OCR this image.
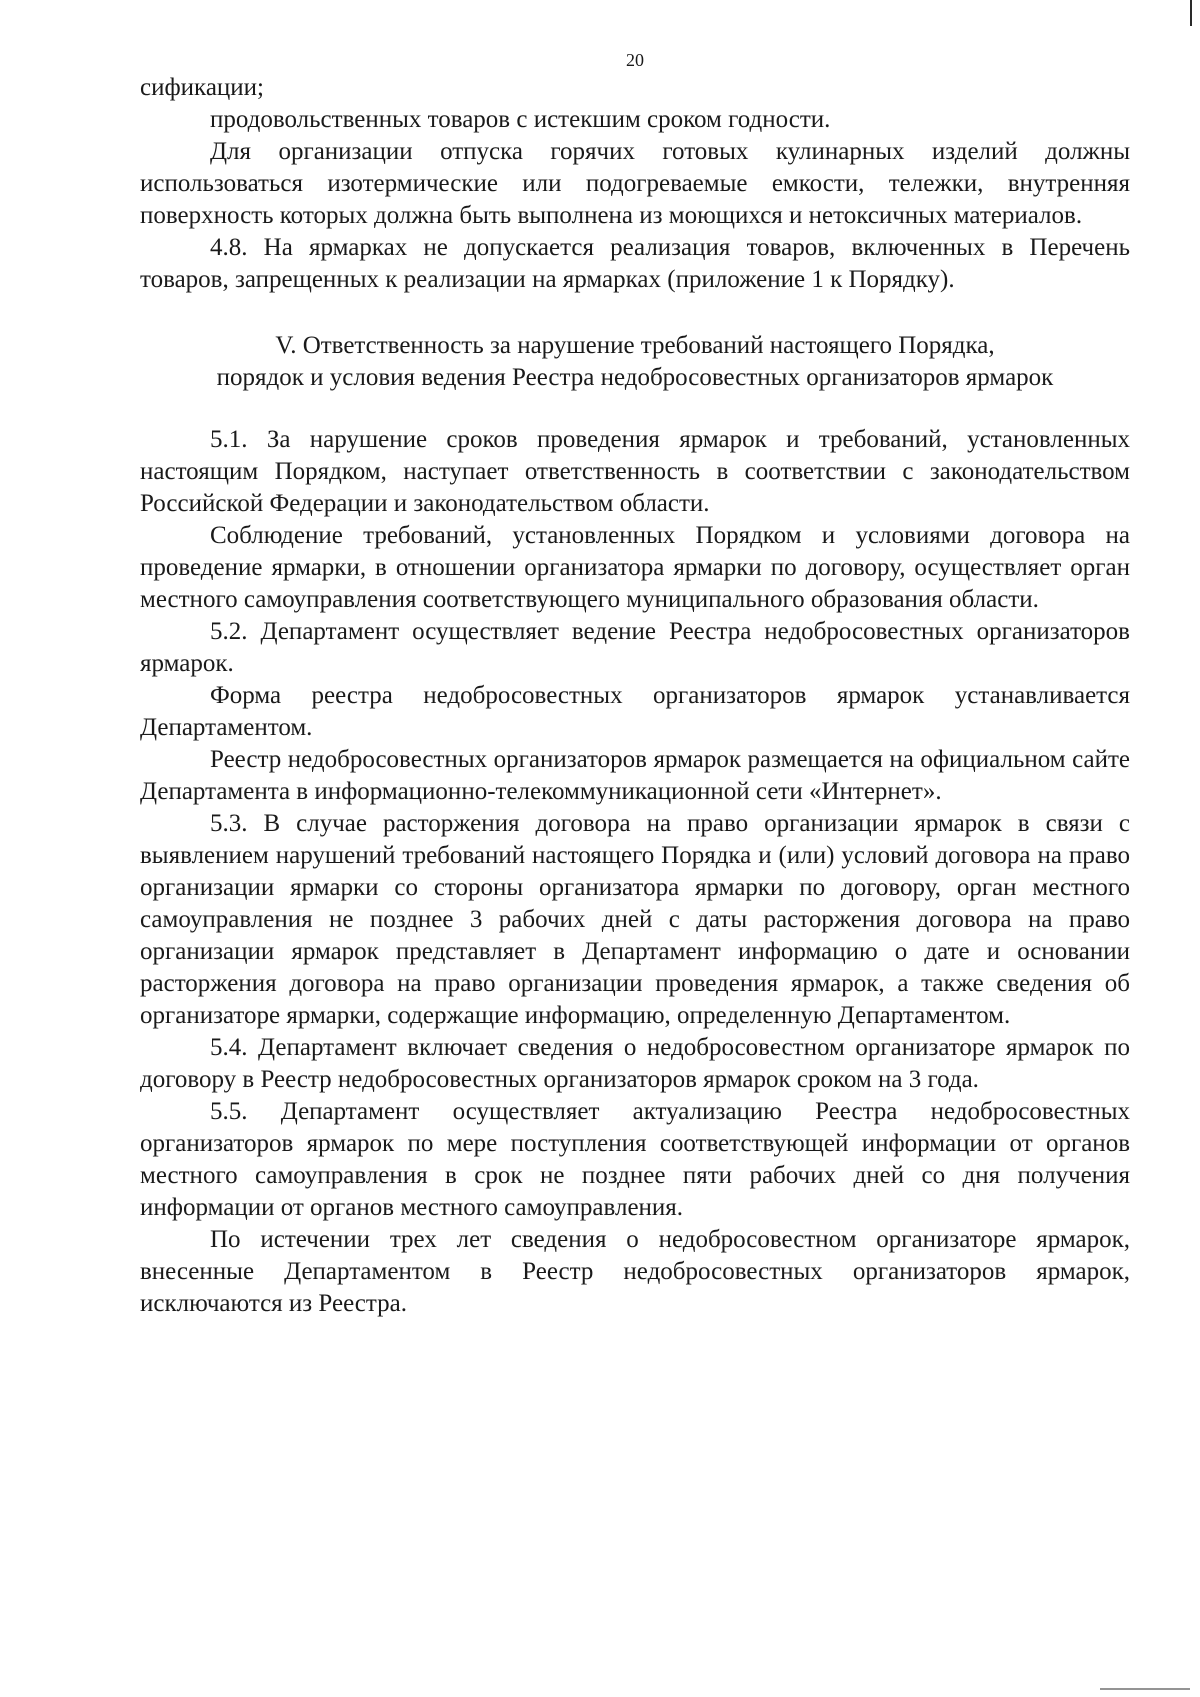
20

сификации;

продовольственных товаров с истекшим сроком годности.

Для организации отпуска горячих готовых кулинарных изделий должны использоваться изотермические или подогреваемые емкости, тележки, внутренняя поверхность которых должна быть выполнена из моющихся и нетоксичных материалов.

4.8. На ярмарках не допускается реализация товаров, включенных в Перечень товаров, запрещенных к реализации на ярмарках (приложение 1 к Порядку).

V. Ответственность за нарушение требований настоящего Порядка,
порядок и условия ведения Реестра недобросовестных организаторов ярмарок

5.1. За нарушение сроков проведения ярмарок и требований, установленных настоящим Порядком, наступает ответственность в соответствии с законодательством Российской Федерации и законодательством области.

Соблюдение требований, установленных Порядком и условиями договора на проведение ярмарки, в отношении организатора ярмарки по договору, осуществляет орган местного самоуправления соответствующего муниципального образования области.

5.2. Департамент осуществляет ведение Реестра недобросовестных организаторов ярмарок.

Форма реестра недобросовестных организаторов ярмарок устанавливается Департаментом.

Реестр недобросовестных организаторов ярмарок размещается на официальном сайте Департамента в информационно-телекоммуникационной сети «Интернет».

5.3. В случае расторжения договора на право организации ярмарок в связи с выявлением нарушений требований настоящего Порядка и (или) условий договора на право организации ярмарки со стороны организатора ярмарки по договору, орган местного самоуправления не позднее 3 рабочих дней с даты расторжения договора на право организации ярмарок представляет в Департамент информацию о дате и основании расторжения договора на право организации проведения ярмарок, а также сведения об организаторе ярмарки, содержащие информацию, определенную Департаментом.

5.4. Департамент включает сведения о недобросовестном организаторе ярмарок по договору в Реестр недобросовестных организаторов ярмарок сроком на 3 года.

5.5. Департамент осуществляет актуализацию Реестра недобросовестных организаторов ярмарок по мере поступления соответствующей информации от органов местного самоуправления в срок не позднее пяти рабочих дней со дня получения информации от органов местного самоуправления.

По истечении трех лет сведения о недобросовестном организаторе ярмарок, внесенные Департаментом в Реестр недобросовестных организаторов ярмарок, исключаются из Реестра.
